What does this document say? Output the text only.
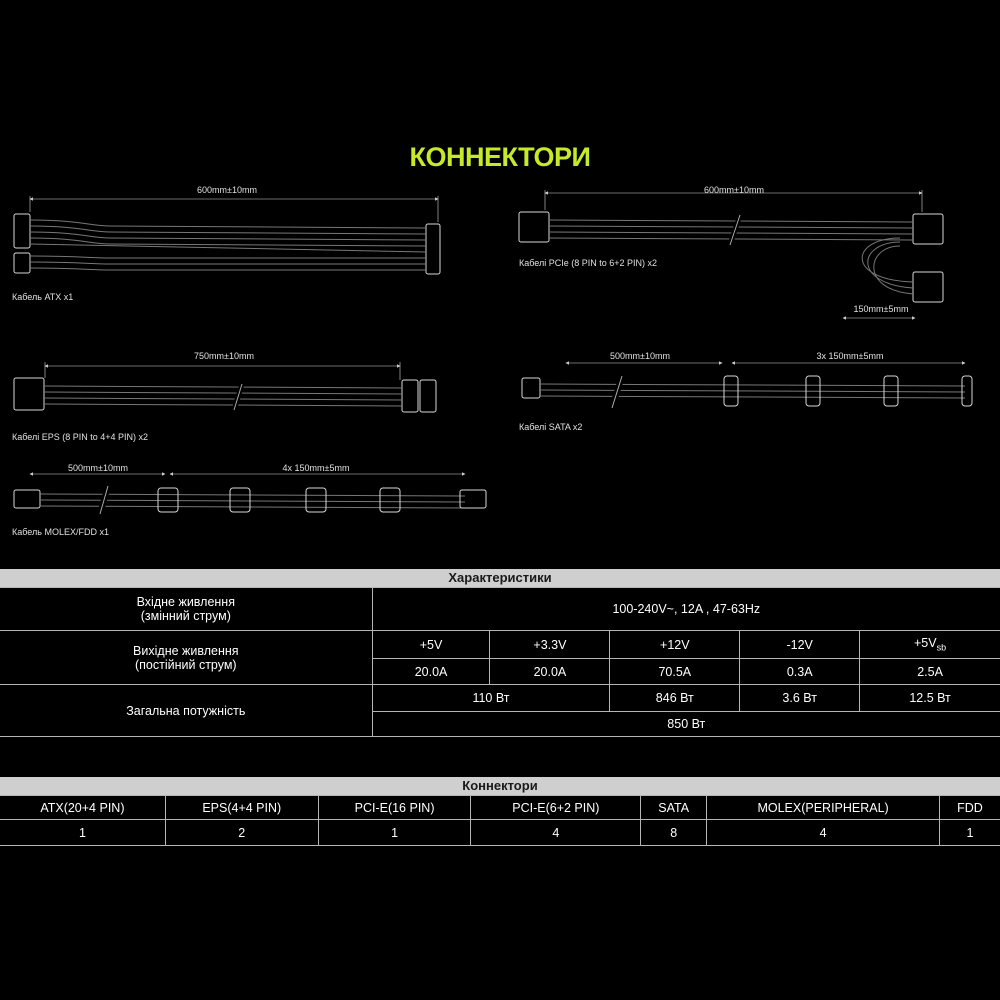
КОННЕКТОРИ
600mm±10mm
Кабель ATX x1
600mm±10mm
Кабелі PCIe (8 PIN to 6+2 PIN) x2
150mm±5mm
750mm±10mm
Кабелі EPS (8 PIN to 4+4 PIN) x2
500mm±10mm	3x 150mm±5mm
Кабелі SATA x2
500mm±10mm	4x 150mm±5mm
Кабель MOLEX/FDD x1
Характеристики
Вхідне живлення
(змінний струм)	100-240V~, 12A , 47-63Hz				

Вихідне живлення
(постійний струм)	+5V	+3.3V	+12V	-12V	$+5V_{sb}$
	20.0A	20.0A	70.5A	0.3A	2.5A
Загальна потужність	110 Вт		846 Вт	3.6 Вт	12.5 Вт
	850 Вт				
Коннектори
ATX(20+4 PIN)	EPS(4+4 PIN)	PCI-E(16 PIN)	PCI-E(6+2 PIN)	SATA	MOLEX(PERIPHERAL)	FDD
1	2	1	4	8	4	1
